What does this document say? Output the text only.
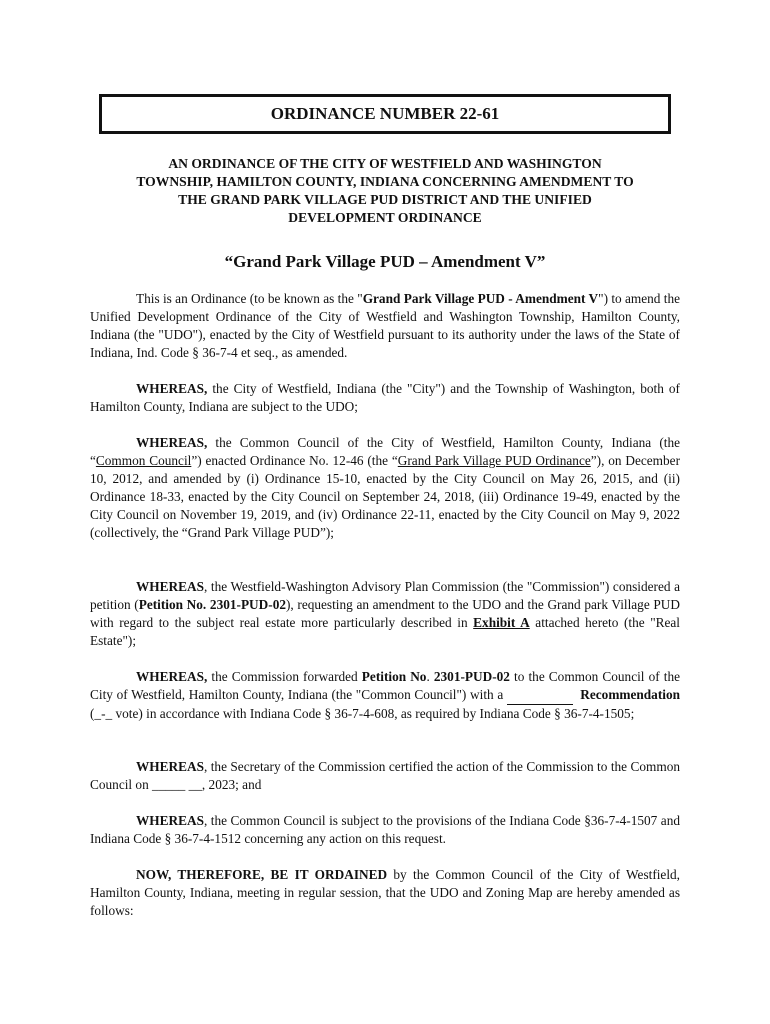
ORDINANCE NUMBER 22-61
AN ORDINANCE OF THE CITY OF WESTFIELD AND WASHINGTON
TOWNSHIP, HAMILTON COUNTY, INDIANA CONCERNING AMENDMENT TO
THE GRAND PARK VILLAGE PUD DISTRICT AND THE UNIFIED
DEVELOPMENT ORDINANCE
“Grand Park Village PUD – Amendment V”
This is an Ordinance (to be known as the "Grand Park Village PUD - Amendment V") to amend the Unified Development Ordinance of the City of Westfield and Washington Township, Hamilton County, Indiana (the "UDO"), enacted by the City of Westfield pursuant to its authority under the laws of the State of Indiana, Ind. Code § 36-7-4 et seq., as amended.
WHEREAS, the City of Westfield, Indiana (the "City") and the Township of Washington, both of Hamilton County, Indiana are subject to the UDO;
WHEREAS, the Common Council of the City of Westfield, Hamilton County, Indiana (the “Common Council”) enacted Ordinance No. 12-46 (the “Grand Park Village PUD Ordinance”), on December 10, 2012, and amended by (i) Ordinance 15-10, enacted by the City Council on May 26, 2015, and (ii) Ordinance 18-33, enacted by the City Council on September 24, 2018, (iii) Ordinance 19-49, enacted by the City Council on November 19, 2019, and (iv) Ordinance 22-11, enacted by the City Council on May 9, 2022 (collectively, the “Grand Park Village PUD”);
WHEREAS, the Westfield-Washington Advisory Plan Commission (the "Commission") considered a petition (Petition No. 2301-PUD-02), requesting an amendment to the UDO and the Grand park Village PUD with regard to the subject real estate more particularly described in Exhibit A attached hereto (the "Real Estate");
WHEREAS, the Commission forwarded Petition No. 2301-PUD-02 to the Common Council of the City of Westfield, Hamilton County, Indiana (the "Common Council") with a	Recommendation (_-_ vote) in accordance with Indiana Code § 36-7-4-608, as required by Indiana Code § 36-7-4-1505;
WHEREAS, the Secretary of the Commission certified the action of the Commission to the Common Council on _____ __, 2023; and
WHEREAS, the Common Council is subject to the provisions of the Indiana Code §36-7-4-1507 and Indiana Code § 36-7-4-1512 concerning any action on this request.
NOW, THEREFORE, BE IT ORDAINED by the Common Council of the City of Westfield, Hamilton County, Indiana, meeting in regular session, that the UDO and Zoning Map are hereby amended as follows:
